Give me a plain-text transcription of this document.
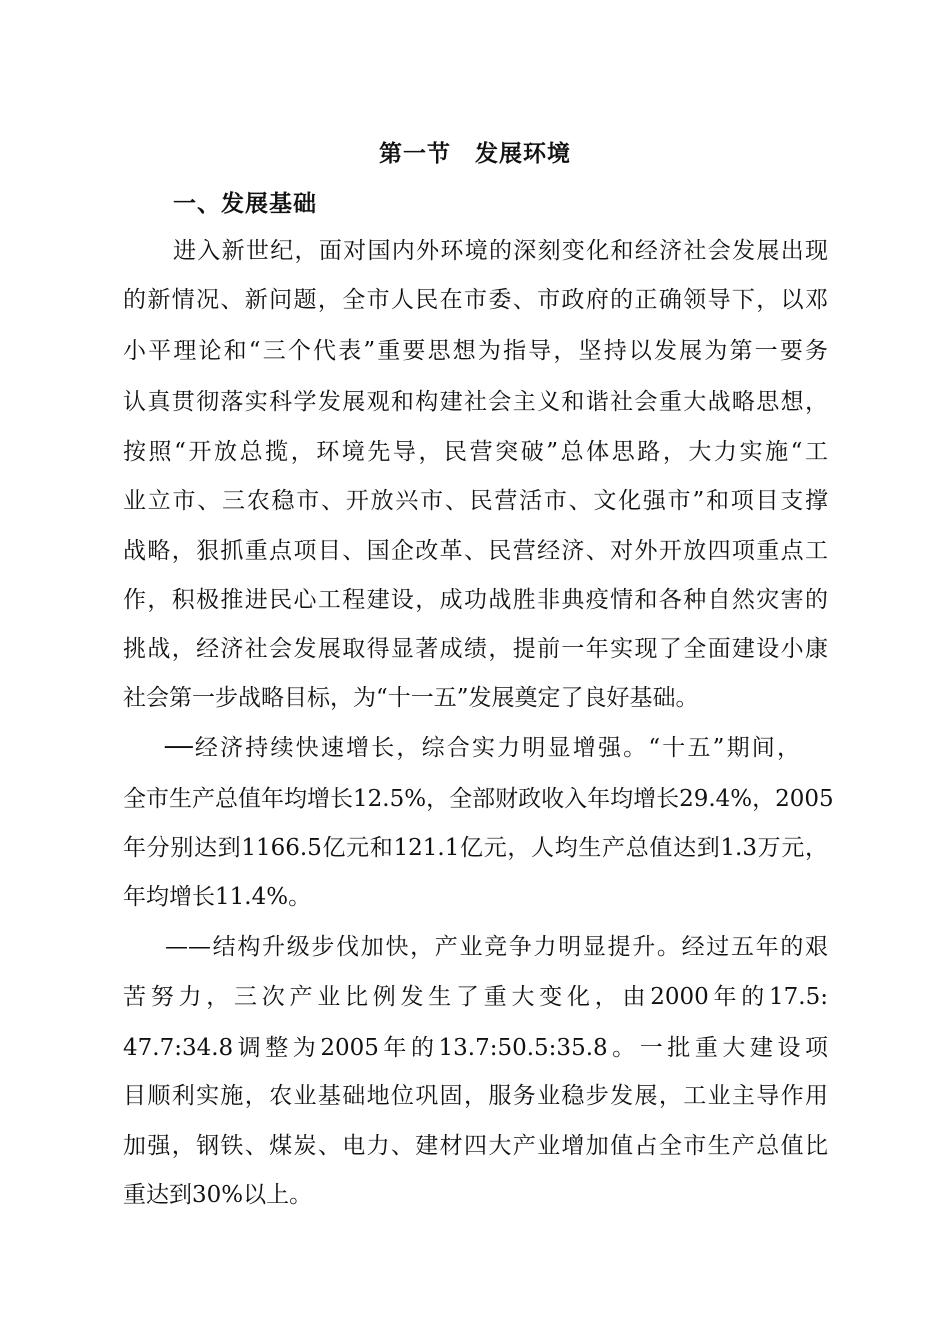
第一节　发展环境
一、发展基础
进入新世纪，面对国内外环境的深刻变化和经济社会发展出现
的新情况、新问题，全市人民在市委、市政府的正确领导下，以邓
小平理论和“三个代表”重要思想为指导，坚持以发展为第一要务
认真贯彻落实科学发展观和构建社会主义和谐社会重大战略思想，
按照“开放总揽，环境先导，民营突破”总体思路，大力实施“工
业立市、三农稳市、开放兴市、民营活市、文化强市”和项目支撑
战略，狠抓重点项目、国企改革、民营经济、对外开放四项重点工
作，积极推进民心工程建设，成功战胜非典疫情和各种自然灾害的
挑战，经济社会发展取得显著成绩，提前一年实现了全面建设小康
社会第一步战略目标，为“十一五”发展奠定了良好基础。
──经济持续快速增长，综合实力明显增强。“十五”期间，
全市生产总值年均增长12.5%，全部财政收入年均增长29.4%，2005
年分别达到1166.5亿元和121.1亿元，人均生产总值达到1.3万元，
年均增长11.4%。
——结构升级步伐加快，产业竞争力明显提升。经过五年的艰
苦努力，三次产业比例发生了重大变化，由2000年的17.5:
47.7:34.8调整为2005年的13.7:50.5:35.8。一批重大建设项
目顺利实施，农业基础地位巩固，服务业稳步发展，工业主导作用
加强，钢铁、煤炭、电力、建材四大产业增加值占全市生产总值比
重达到30%以上。
